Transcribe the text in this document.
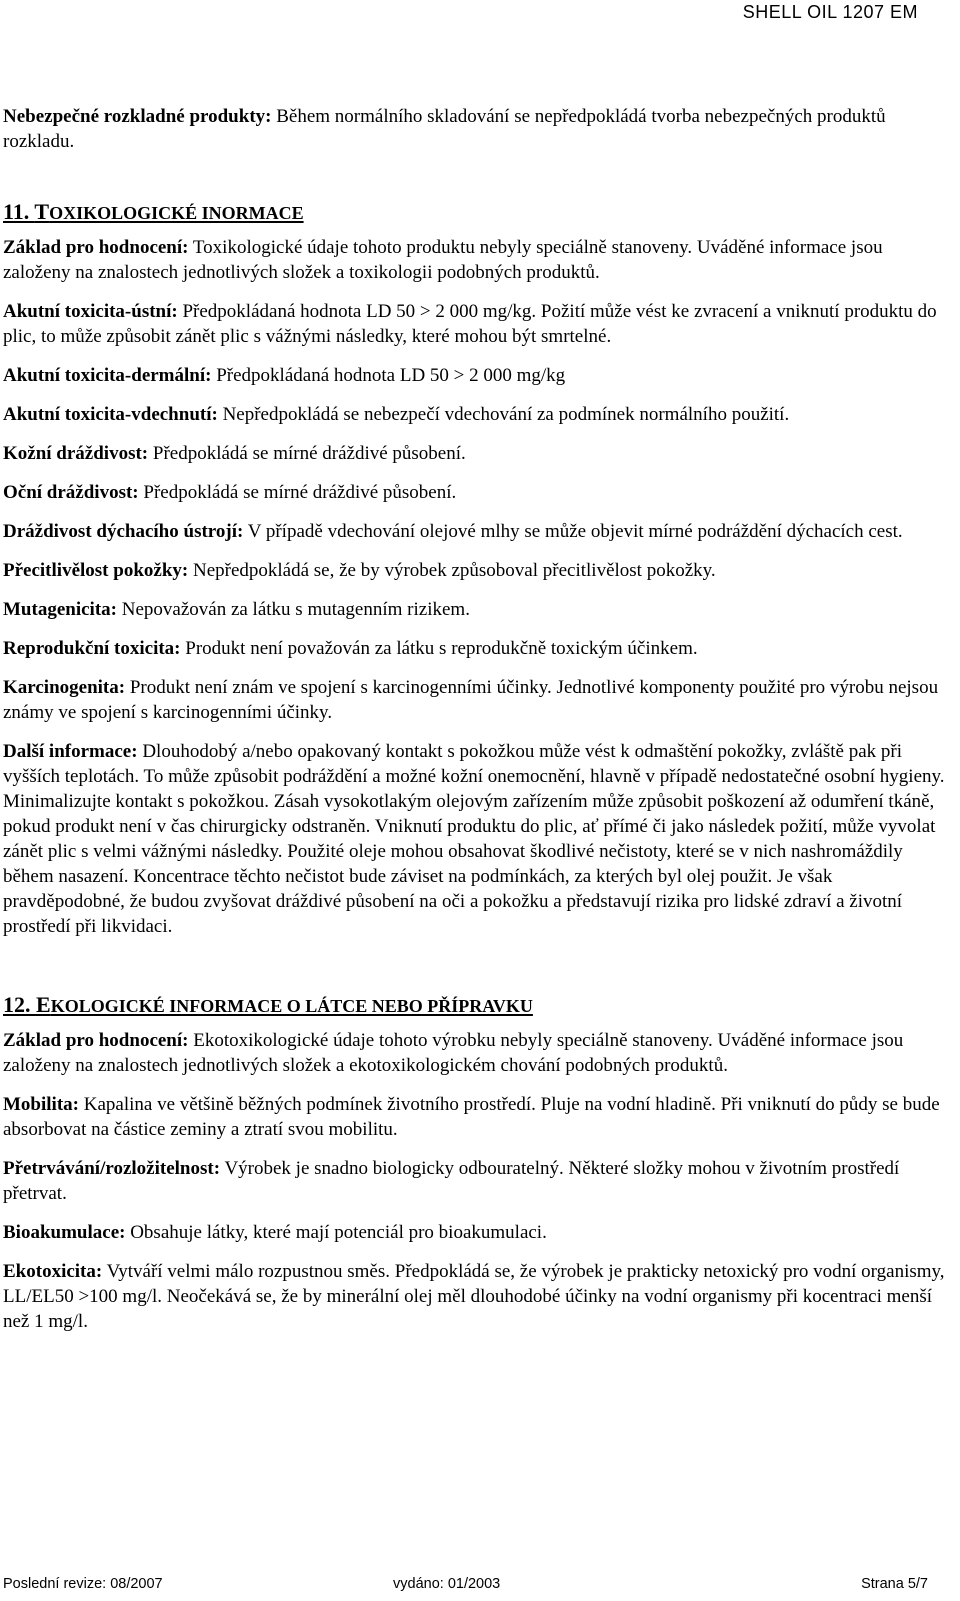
SHELL OIL 1207 EM

Nebezpečné rozkladné produkty: Během normálního skladování se nepředpokládá tvorba nebezpečných produktů rozkladu.

11. TOXIKOLOGICKÉ INORMACE

Základ pro hodnocení: Toxikologické údaje tohoto produktu nebyly speciálně stanoveny. Uváděné informace jsou založeny na znalostech jednotlivých složek a toxikologii podobných produktů.

Akutní toxicita-ústní: Předpokládaná hodnota LD 50 > 2 000 mg/kg. Požití může vést ke zvracení a vniknutí produktu do plic, to může způsobit zánět plic s vážnými následky, které mohou být smrtelné.

Akutní toxicita-dermální: Předpokládaná hodnota LD 50 > 2 000 mg/kg

Akutní toxicita-vdechnutí: Nepředpokládá se nebezpečí vdechování za podmínek normálního použití.

Kožní dráždivost: Předpokládá se mírné dráždivé působení.

Oční dráždivost: Předpokládá se mírné dráždivé působení.

Dráždivost dýchacího ústrojí: V případě vdechování olejové mlhy se může objevit mírné podráždění dýchacích cest.

Přecitlivělost pokožky: Nepředpokládá se, že by výrobek způsoboval přecitlivělost pokožky.

Mutagenicita: Nepovažován za látku s mutagenním rizikem.

Reprodukční toxicita: Produkt není považován za látku s reprodukčně toxickým účinkem.

Karcinogenita: Produkt není znám ve spojení s karcinogenními účinky. Jednotlivé komponenty použité pro výrobu nejsou známy ve spojení s karcinogenními účinky.

Další informace: Dlouhodobý a/nebo opakovaný kontakt s pokožkou může vést k odmaštění pokožky, zvláště pak při vyšších teplotách. To může způsobit podráždění a možné kožní onemocnění, hlavně v případě nedostatečné osobní hygieny. Minimalizujte kontakt s pokožkou. Zásah vysokotlakým olejovým zařízením může způsobit poškození až odumření tkáně, pokud produkt není v čas chirurgicky odstraněn. Vniknutí produktu do plic, ať přímé či jako následek požití, může vyvolat zánět plic s velmi vážnými následky. Použité oleje mohou obsahovat škodlivé nečistoty, které se v nich nashromáždily během nasazení. Koncentrace těchto nečistot bude záviset na podmínkách, za kterých byl olej použit. Je však pravděpodobné, že budou zvyšovat dráždivé působení na oči a pokožku a představují rizika pro lidské zdraví a životní prostředí při likvidaci.

12. EKOLOGICKÉ INFORMACE O LÁTCE NEBO PŘÍPRAVKU

Základ pro hodnocení: Ekotoxikologické údaje tohoto výrobku nebyly speciálně stanoveny. Uváděné informace jsou založeny na znalostech jednotlivých složek a ekotoxikologickém chování podobných produktů.

Mobilita: Kapalina ve většině běžných podmínek životního prostředí. Pluje na vodní hladině. Při vniknutí do půdy se bude absorbovat na částice zeminy a ztratí svou mobilitu.

Přetrvávání/rozložitelnost: Výrobek je snadno biologicky odbouratelný. Některé složky mohou v životním prostředí přetrvat.

Bioakumulace: Obsahuje látky, které mají potenciál pro bioakumulaci.

Ekotoxicita: Vytváří velmi málo rozpustnou směs. Předpokládá se, že výrobek je prakticky netoxický pro vodní organismy, LL/EL50 >100 mg/l. Neočekává se, že by minerální olej měl dlouhodobé účinky na vodní organismy při kocentraci menší než 1 mg/l.

Poslední revize: 08/2007	vydáno: 01/2003	Strana 5/7
